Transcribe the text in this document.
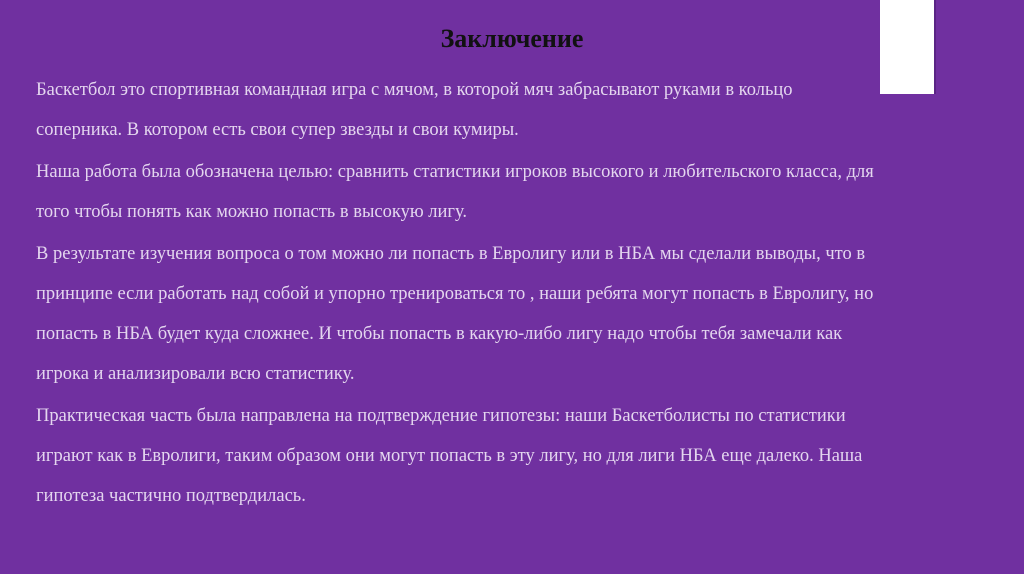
Заключение

Баскетбол это спортивная командная игра с мячом, в которой мяч забрасывают руками в кольцо

соперника. В котором есть свои супер звезды и свои кумиры.

Наша работа была обозначена целью: сравнить статистики игроков высокого и любительского класса, для

того чтобы понять как можно попасть в высокую лигу.

В результате изучения вопроса о том можно ли попасть в Евролигу или в НБА мы сделали выводы, что в

принципе если работать над собой и упорно тренироваться то , наши ребята могут попасть в Евролигу, но

попасть в НБА будет куда сложнее. И чтобы попасть в какую-либо лигу надо чтобы тебя замечали как

игрока и анализировали всю статистику.

Практическая часть была направлена на подтверждение гипотезы: наши Баскетболисты по статистики

играют как в Евролиги, таким образом они могут попасть в эту лигу, но для лиги НБА еще далеко. Наша

гипотеза частично подтвердилась.
